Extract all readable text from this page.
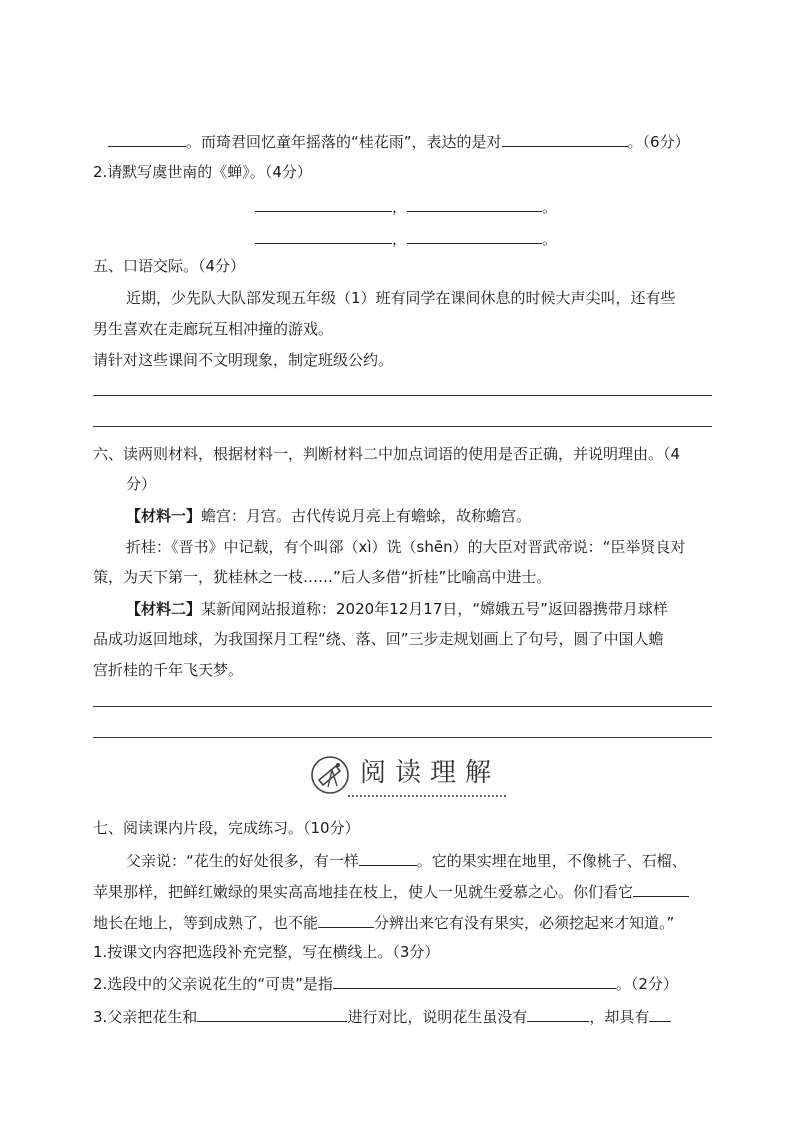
。而琦君回忆童年摇落的“桂花雨”，表达的是对	。（6分）
2.请默写虞世南的《蝉》。（4分）
，	。
，	。
五、口语交际。（4分）
近期，少先队大队部发现五年级（1）班有同学在课间休息的时候大声尖叫，还有些
男生喜欢在走廊玩互相冲撞的游戏。
请针对这些课间不文明现象，制定班级公约。
六、读两则材料，根据材料一，判断材料二中加点词语的使用是否正确，并说明理由。（4
分）
【材料一】蟾宫：月宫。古代传说月亮上有蟾蜍，故称蟾宫。
折桂：《晋书》中记载，有个叫郤（xì）诜（shēn）的大臣对晋武帝说：“臣举贤良对
策，为天下第一，犹桂林之一枝……”后人多借“折桂”比喻高中进士。
【材料二】某新闻网站报道称：2020年12月17日，“嫦娥五号”返回器携带月球样
品成功返回地球，为我国探月工程“绕、落、回”三步走规划画上了句号，圆了中国人蟾
宫折桂的千年飞天梦。
阅读理解
七、阅读课内片段，完成练习。（10分）
父亲说：“花生的好处很多，有一样	。它的果实埋在地里，不像桃子、石榴、
苹果那样，把鲜红嫩绿的果实高高地挂在枝上，使人一见就生爱慕之心。你们看它
地长在地上，等到成熟了，也不能	分辨出来它有没有果实，必须挖起来才知道。”
1.按课文内容把选段补充完整，写在横线上。（3分）
2.选段中的父亲说花生的“可贵”是指	。（2分）
3.父亲把花生和	进行对比，说明花生虽没有	，却具有
